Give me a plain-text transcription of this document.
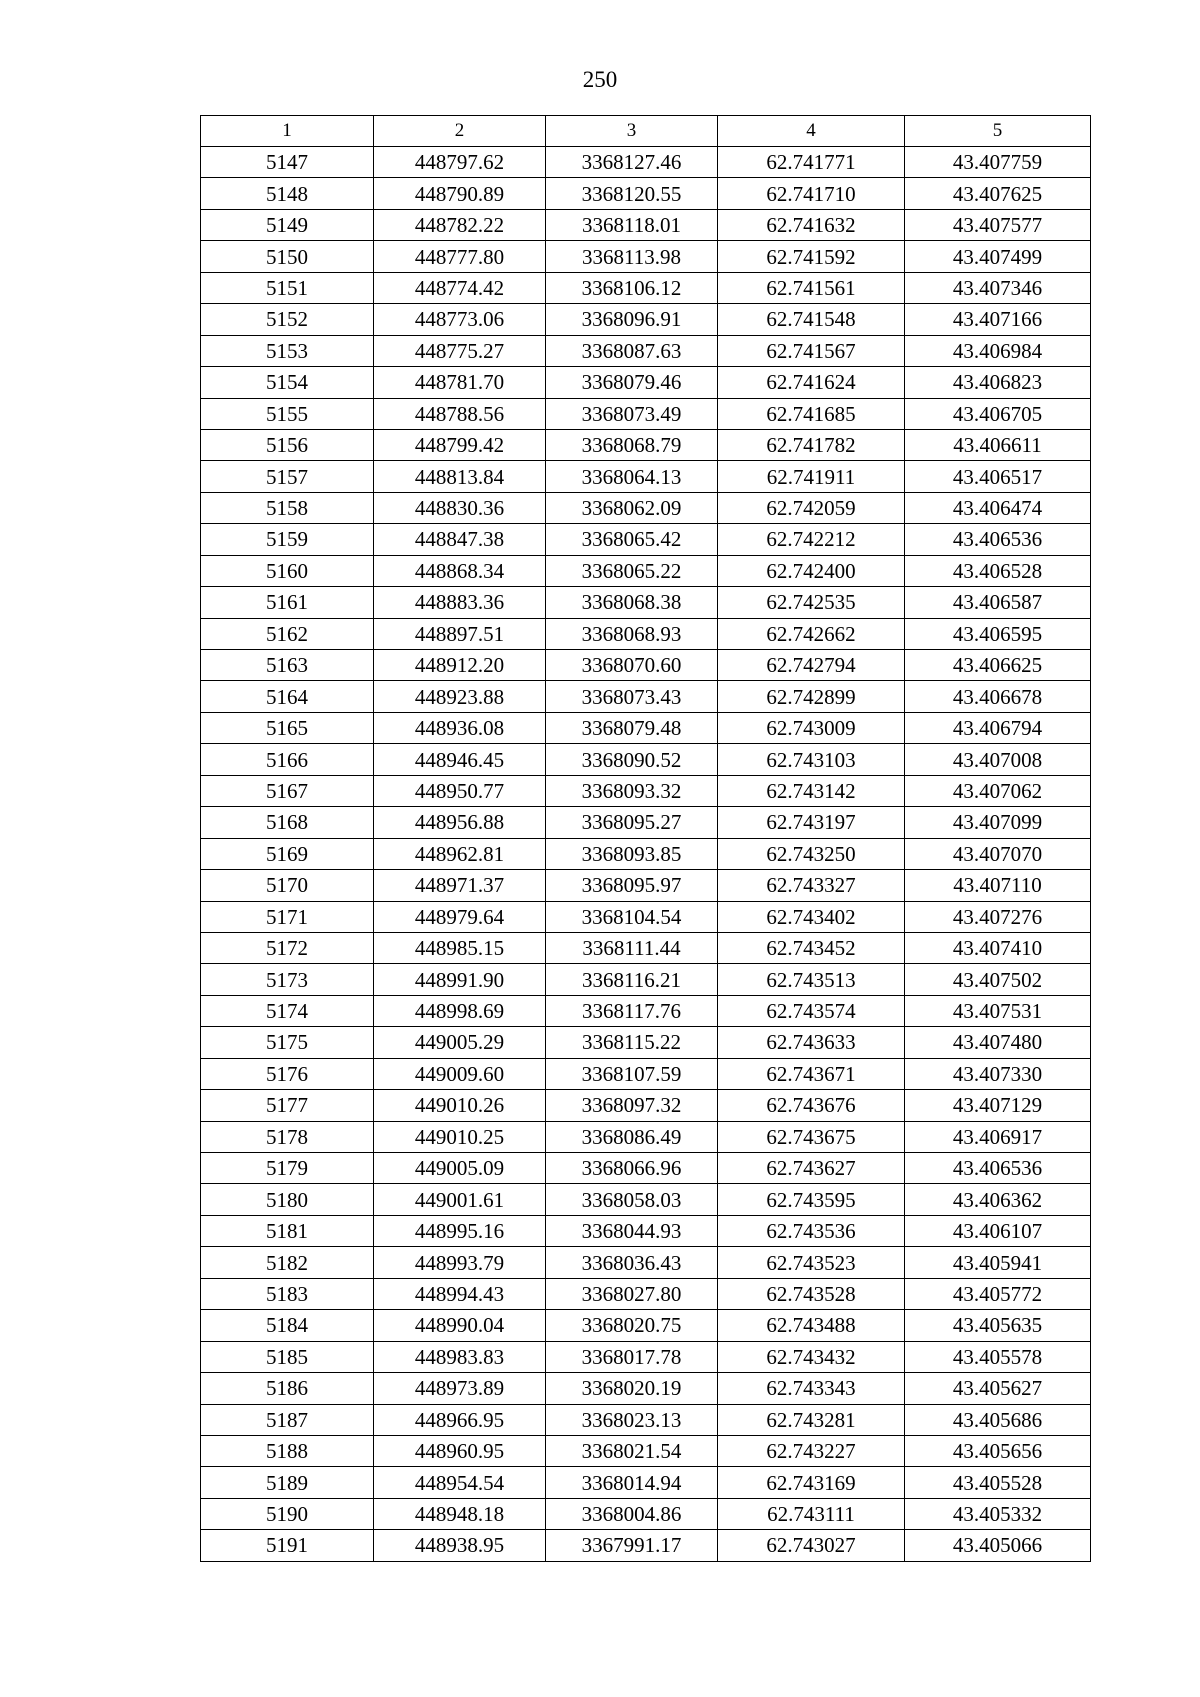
250
1	2	3	4	5
5147	448797.62	3368127.46	62.741771	43.407759
5148	448790.89	3368120.55	62.741710	43.407625
5149	448782.22	3368118.01	62.741632	43.407577
5150	448777.80	3368113.98	62.741592	43.407499
5151	448774.42	3368106.12	62.741561	43.407346
5152	448773.06	3368096.91	62.741548	43.407166
5153	448775.27	3368087.63	62.741567	43.406984
5154	448781.70	3368079.46	62.741624	43.406823
5155	448788.56	3368073.49	62.741685	43.406705
5156	448799.42	3368068.79	62.741782	43.406611
5157	448813.84	3368064.13	62.741911	43.406517
5158	448830.36	3368062.09	62.742059	43.406474
5159	448847.38	3368065.42	62.742212	43.406536
5160	448868.34	3368065.22	62.742400	43.406528
5161	448883.36	3368068.38	62.742535	43.406587
5162	448897.51	3368068.93	62.742662	43.406595
5163	448912.20	3368070.60	62.742794	43.406625
5164	448923.88	3368073.43	62.742899	43.406678
5165	448936.08	3368079.48	62.743009	43.406794
5166	448946.45	3368090.52	62.743103	43.407008
5167	448950.77	3368093.32	62.743142	43.407062
5168	448956.88	3368095.27	62.743197	43.407099
5169	448962.81	3368093.85	62.743250	43.407070
5170	448971.37	3368095.97	62.743327	43.407110
5171	448979.64	3368104.54	62.743402	43.407276
5172	448985.15	3368111.44	62.743452	43.407410
5173	448991.90	3368116.21	62.743513	43.407502
5174	448998.69	3368117.76	62.743574	43.407531
5175	449005.29	3368115.22	62.743633	43.407480
5176	449009.60	3368107.59	62.743671	43.407330
5177	449010.26	3368097.32	62.743676	43.407129
5178	449010.25	3368086.49	62.743675	43.406917
5179	449005.09	3368066.96	62.743627	43.406536
5180	449001.61	3368058.03	62.743595	43.406362
5181	448995.16	3368044.93	62.743536	43.406107
5182	448993.79	3368036.43	62.743523	43.405941
5183	448994.43	3368027.80	62.743528	43.405772
5184	448990.04	3368020.75	62.743488	43.405635
5185	448983.83	3368017.78	62.743432	43.405578
5186	448973.89	3368020.19	62.743343	43.405627
5187	448966.95	3368023.13	62.743281	43.405686
5188	448960.95	3368021.54	62.743227	43.405656
5189	448954.54	3368014.94	62.743169	43.405528
5190	448948.18	3368004.86	62.743111	43.405332
5191	448938.95	3367991.17	62.743027	43.405066
